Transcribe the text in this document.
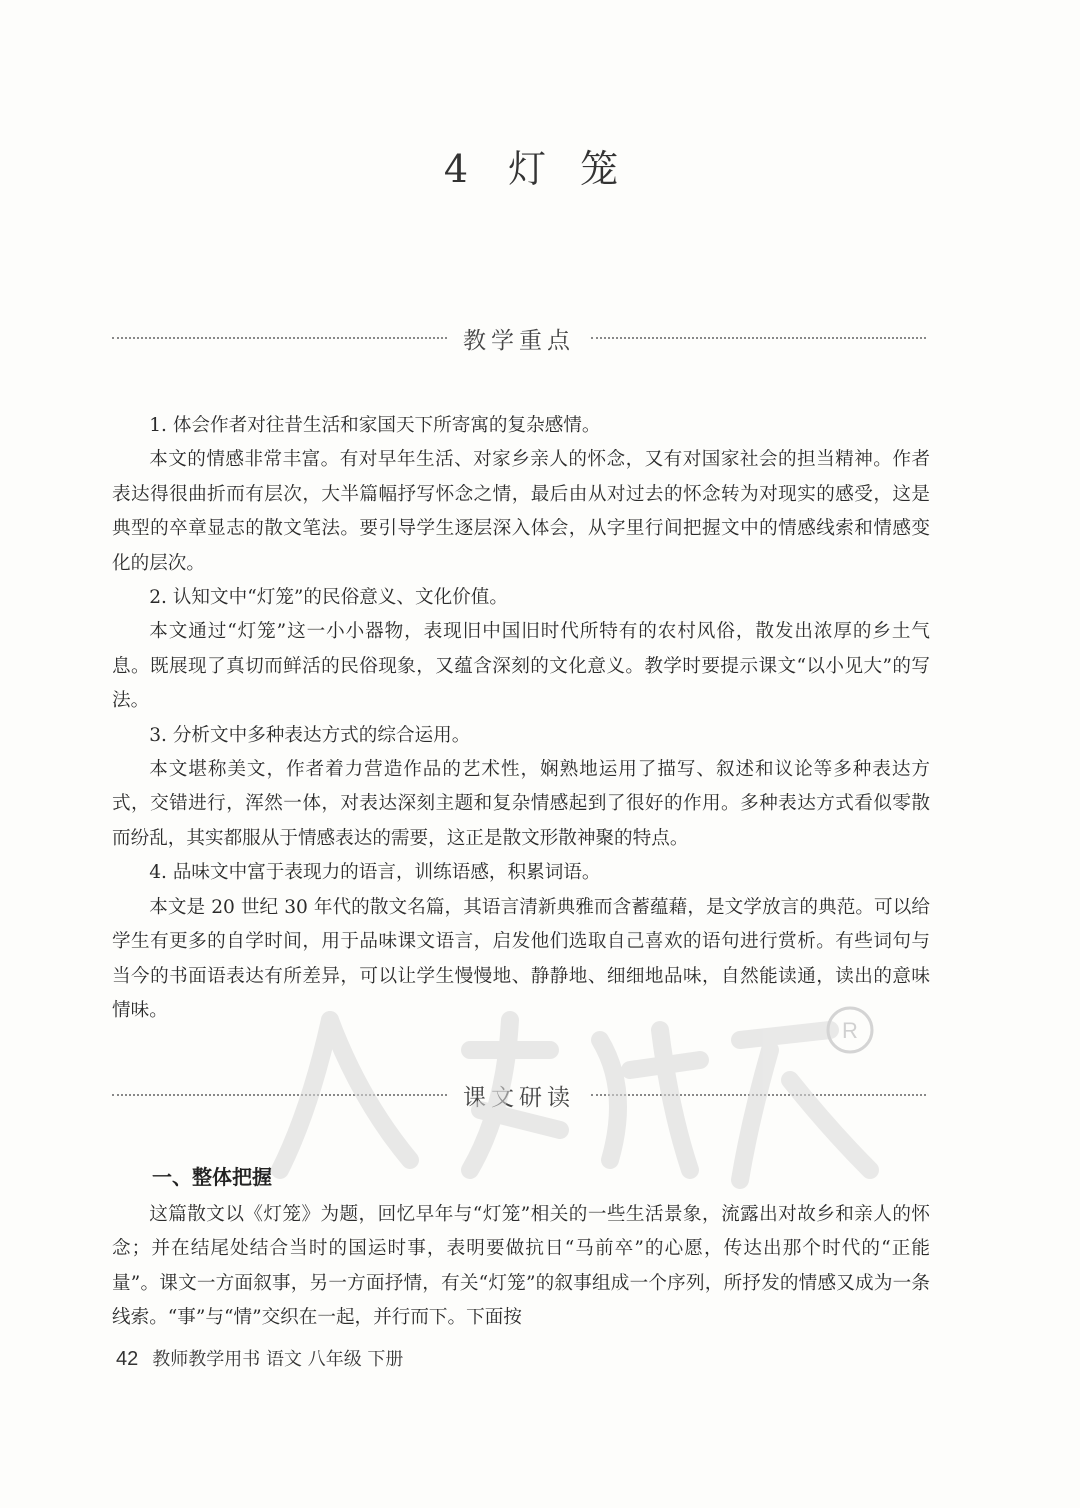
4 灯 笼
教学重点

1. 体会作者对往昔生活和家国天下所寄寓的复杂感情。

本文的情感非常丰富。有对早年生活、对家乡亲人的怀念，又有对国家社会的担当精神。作者表达得很曲折而有层次，大半篇幅抒写怀念之情，最后由从对过去的怀念转为对现实的感受，这是典型的卒章显志的散文笔法。要引导学生逐层深入体会，从字里行间把握文中的情感线索和情感变化的层次。

2. 认知文中“灯笼”的民俗意义、文化价值。

本文通过“灯笼”这一小小器物，表现旧中国旧时代所特有的农村风俗，散发出浓厚的乡土气息。既展现了真切而鲜活的民俗现象，又蕴含深刻的文化意义。教学时要提示课文“以小见大”的写法。

3. 分析文中多种表达方式的综合运用。

本文堪称美文，作者着力营造作品的艺术性，娴熟地运用了描写、叙述和议论等多种表达方式，交错进行，浑然一体，对表达深刻主题和复杂情感起到了很好的作用。多种表达方式看似零散而纷乱，其实都服从于情感表达的需要，这正是散文形散神聚的特点。

4. 品味文中富于表现力的语言，训练语感，积累词语。

本文是 20 世纪 30 年代的散文名篇，其语言清新典雅而含蓄蕴藉，是文学放言的典范。可以给学生有更多的自学时间，用于品味课文语言，启发他们选取自己喜欢的语句进行赏析。有些词句与当今的书面语表达有所差异，可以让学生慢慢地、静静地、细细地品味，自然能读通，读出的意味情味。

课文研读
一、整体把握

这篇散文以《灯笼》为题，回忆早年与“灯笼”相关的一些生活景象，流露出对故乡和亲人的怀念；并在结尾处结合当时的国运时事，表明要做抗日“马前卒”的心愿，传达出那个时代的“正能量”。课文一方面叙事，另一方面抒情，有关“灯笼”的叙事组成一个序列，所抒发的情感又成为一条线索。“事”与“情”交织在一起，并行而下。下面按

42 教师教学用书 语文 八年级 下册
R
